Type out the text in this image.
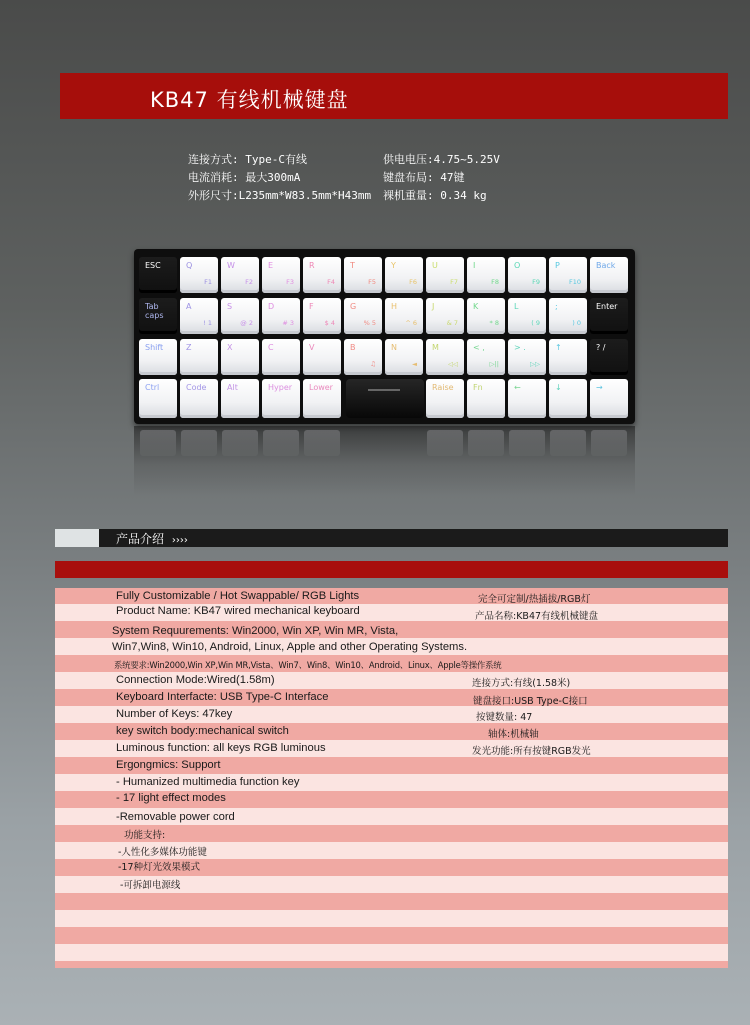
KB47 有线机械键盘
连接方式: Type-C有线
电流消耗: 最大300mA
外形尺寸:L235mm*W83.5mm*H43mm
供电电压:4.75~5.25V
键盘布局: 47键
裸机重量: 0.34 kg
ESC	Q
F1
W
F2
E
F3
R
F4
T
F5
Y
F6
U
F7
I
F8
O
F9
P
F10
Back
Tab caps
A
! 1
S
@ 2
D
# 3
F
$ 4
G
% 5
H
^ 6
J
& 7
K
* 8
L
( 9
;
) 0
Enter
Shift	Z	X	C	V	B
♫
N
◄
M
◁◁
< ,
▷||
> .
▷▷
↑	? /
Ctrl	Code	Alt	Hyper Lower	Raise Fn	←	↓	→
产品介绍 ››››
Fully Customizable / Hot Swappable/ RGB Lights	完全可定制/热插拔/RGB灯
Product Name: KB47 wired mechanical keyboard	产品名称:KB47有线机械键盘
System Requurements: Win2000, Win XP, Win MR, Vista,
Win7,Win8, Win10, Android, Linux, Apple and other Operating Systems.
系统要求:Win2000,Win XP,Win MR,Vista、Win7、Win8、Win10、Android、Linux、Apple等操作系统
Connection Mode:Wired(1.58m)	连接方式:有线(1.58米)
Keyboard Interfacte: USB Type-C Interface	键盘接口:USB Type-C接口
Number of Keys: 47key	按键数量: 47
key switch body:mechanical switch	轴体:机械轴
Luminous function: all keys RGB luminous	发光功能:所有按键RGB发光
Ergongmics: Support
- Humanized multimedia function key
- 17 light effect modes
-Removable power cord
功能支持:
-人性化多媒体功能键
-17种灯光效果模式
-可拆卸电源线
